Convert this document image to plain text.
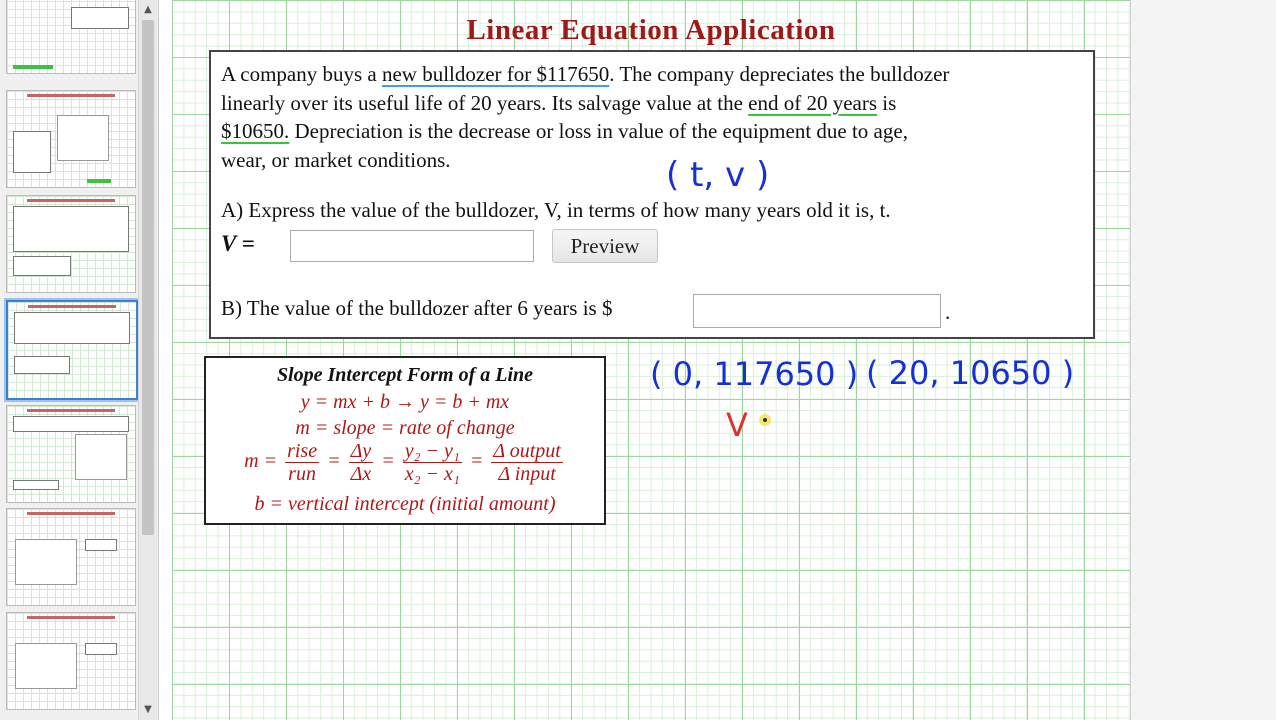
▲
▼
Linear Equation Application
A company buys a new bulldozer for $117650. The company depreciates the bulldozer
linearly over its useful life of 20 years. Its salvage value at the end of 20 years is
$10650. Depreciation is the decrease or loss in value of the equipment due to age,
wear, or market conditions.
A) Express the value of the bulldozer, V, in terms of how many years old it is, t.
V =	Preview
B) The value of the bulldozer after 6 years is $	.
Slope Intercept Form of a Line
y = mx + b → y = b + mx
m = slope = rate of change
$m = \frac{\text{rise}}{\text{run}} = \frac{\Delta y}{\Delta x} = \frac{\text{y₂ − y₁}}{\text{x₂ − x₁}} = \frac{\text{Δ output}}{\text{Δ input}}$
b = vertical intercept (initial amount)
( t, v )
( 0, 117650 ) ( 20, 10650 )
V
